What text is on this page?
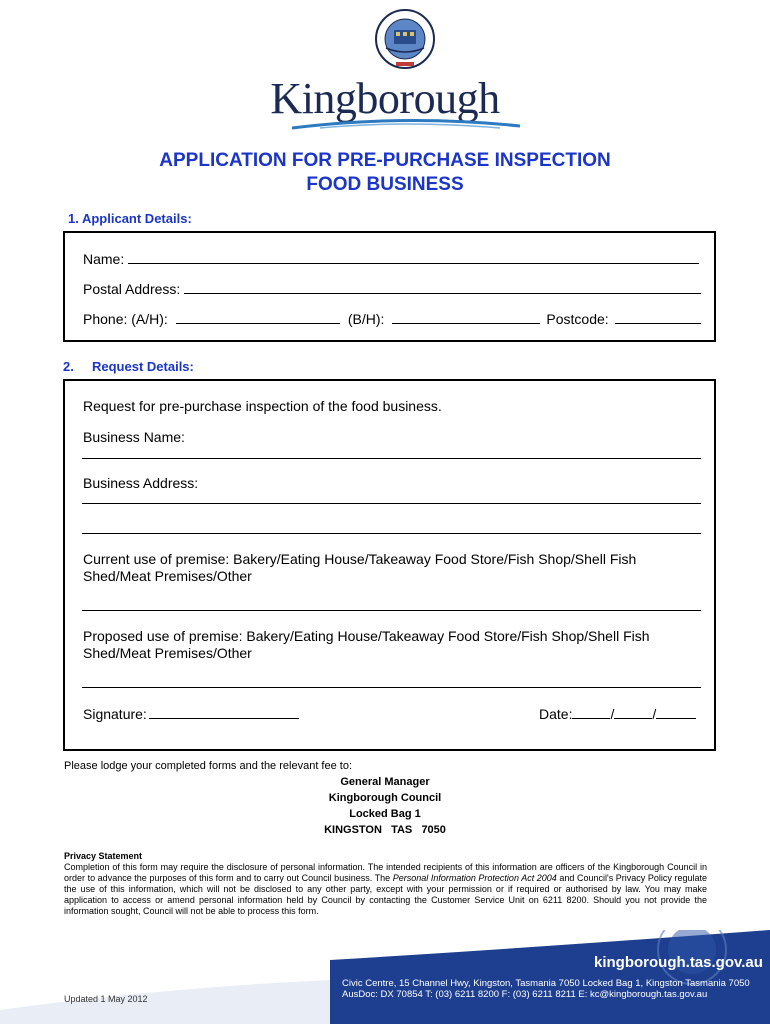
Kingborough
APPLICATION FOR PRE-PURCHASE INSPECTION
FOOD BUSINESS
1. Applicant Details:
Name:
Postal Address:
Phone: (A/H):	(B/H):	Postcode:
2. Request Details:
Request for pre-purchase inspection of the food business.
Business Name:
Business Address:
Current use of premise: Bakery/Eating House/Takeaway Food Store/Fish Shop/Shell Fish Shed/Meat Premises/Other
Proposed use of premise: Bakery/Eating House/Takeaway Food Store/Fish Shop/Shell Fish Shed/Meat Premises/Other
Signature:	Date:	/	/
Please lodge your completed forms and the relevant fee to:
General Manager
Kingborough Council
Locked Bag 1
KINGSTON   TAS   7050
Privacy Statement
Completion of this form may require the disclosure of personal information. The intended recipients of this information are officers of the Kingborough Council in order to advance the purposes of this form and to carry out Council business. The Personal Information Protection Act 2004 and Council's Privacy Policy regulate the use of this information, which will not be disclosed to any other party, except with your permission or if required or authorised by law. You may make application to access or amend personal information held by Council by contacting the Customer Service Unit on 6211 8200. Should you not provide the information sought, Council will not be able to process this form.
kingborough.tas.gov.au
Civic Centre, 15 Channel Hwy, Kingston, Tasmania 7050 Locked Bag 1, Kingston Tasmania 7050
AusDoc: DX 70854 T: (03) 6211 8200 F: (03) 6211 8211 E: kc@kingborough.tas.gov.au
Updated 1 May 2012
